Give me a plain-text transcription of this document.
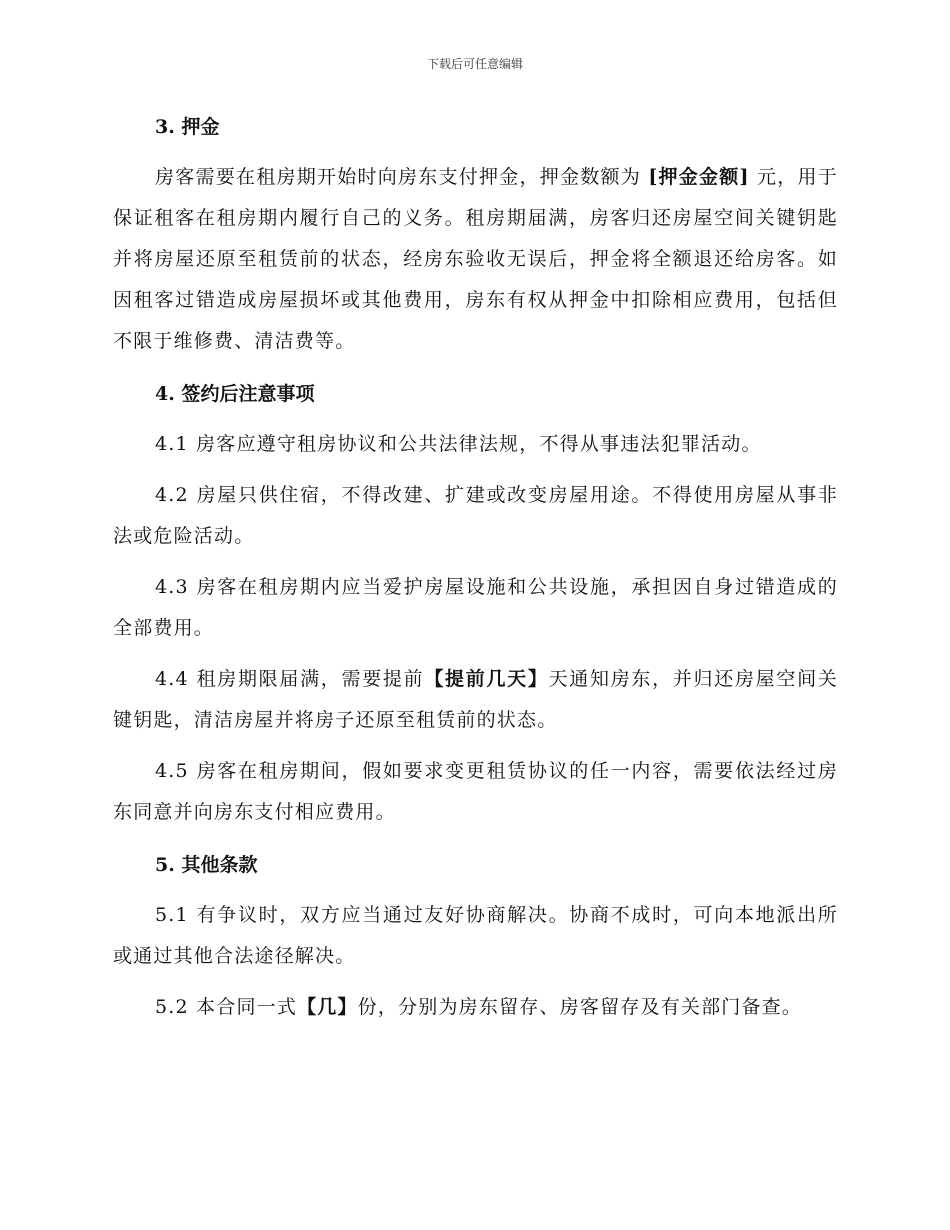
下载后可任意编辑
3. 押金

房客需要在租房期开始时向房东支付押金，押金数额为 [押金金额] 元，用于保证租客在租房期内履行自己的义务。租房期届满，房客归还房屋空间关键钥匙并将房屋还原至租赁前的状态，经房东验收无误后，押金将全额退还给房客。如因租客过错造成房屋损坏或其他费用，房东有权从押金中扣除相应费用，包括但不限于维修费、清洁费等。

4. 签约后注意事项

4.1 房客应遵守租房协议和公共法律法规，不得从事违法犯罪活动。

4.2 房屋只供住宿，不得改建、扩建或改变房屋用途。不得使用房屋从事非法或危险活动。

4.3 房客在租房期内应当爱护房屋设施和公共设施，承担因自身过错造成的全部费用。

4.4 租房期限届满，需要提前【提前几天】天通知房东，并归还房屋空间关键钥匙，清洁房屋并将房子还原至租赁前的状态。

4.5 房客在租房期间，假如要求变更租赁协议的任一内容，需要依法经过房东同意并向房东支付相应费用。

5. 其他条款

5.1 有争议时，双方应当通过友好协商解决。协商不成时，可向本地派出所或通过其他合法途径解决。

5.2 本合同一式【几】份，分别为房东留存、房客留存及有关部门备查。
